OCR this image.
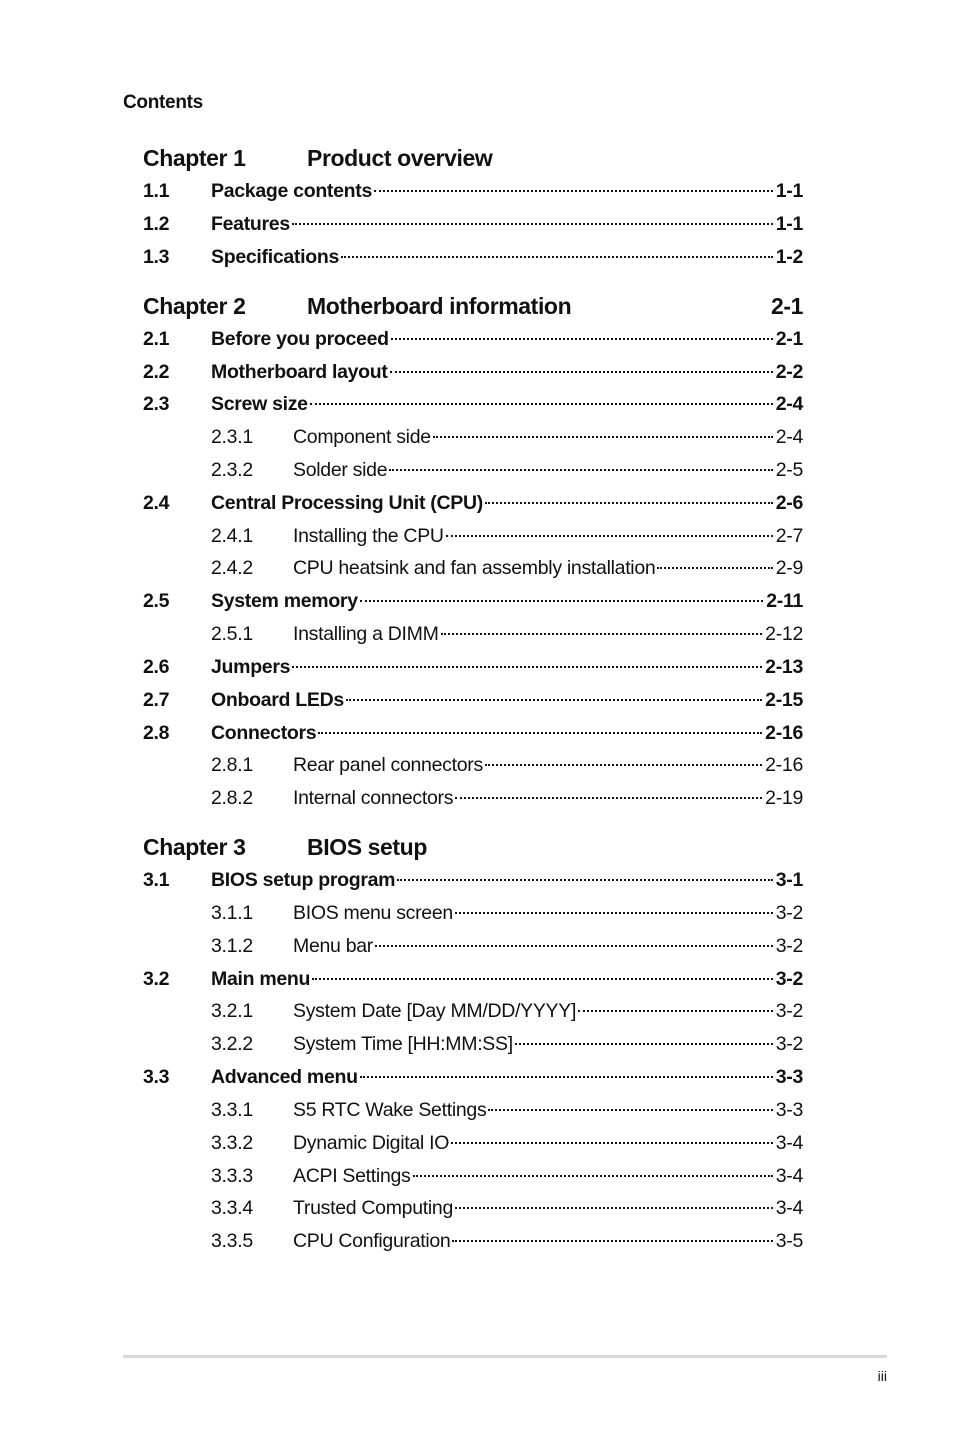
Contents
Chapter 1	Product overview
1.1	Package contents	1-1
1.2	Features	1-1
1.3	Specifications	1-2
Chapter 2	Motherboard information	2-1
2.1	Before you proceed	2-1
2.2	Motherboard layout	2-2
2.3	Screw size	2-4
2.3.1	Component side	2-4
2.3.2	Solder side	2-5
2.4	Central Processing Unit (CPU)	2-6
2.4.1	Installing the CPU	2-7
2.4.2	CPU heatsink and fan assembly installation	2-9
2.5	System memory	2-11
2.5.1	Installing a DIMM	2-12
2.6	Jumpers	2-13
2.7	Onboard LEDs	2-15
2.8	Connectors	2-16
2.8.1	Rear panel connectors	2-16
2.8.2	Internal connectors	2-19
Chapter 3	BIOS setup
3.1	BIOS setup program	3-1
3.1.1	BIOS menu screen	3-2
3.1.2	Menu bar	3-2
3.2	Main menu	3-2
3.2.1	System Date [Day MM/DD/YYYY]	3-2
3.2.2	System Time [HH:MM:SS]	3-2
3.3	Advanced menu	3-3
3.3.1	S5 RTC Wake Settings	3-3
3.3.2	Dynamic Digital IO	3-4
3.3.3	ACPI Settings	3-4
3.3.4	Trusted Computing	3-4
3.3.5	CPU Configuration	3-5
iii
